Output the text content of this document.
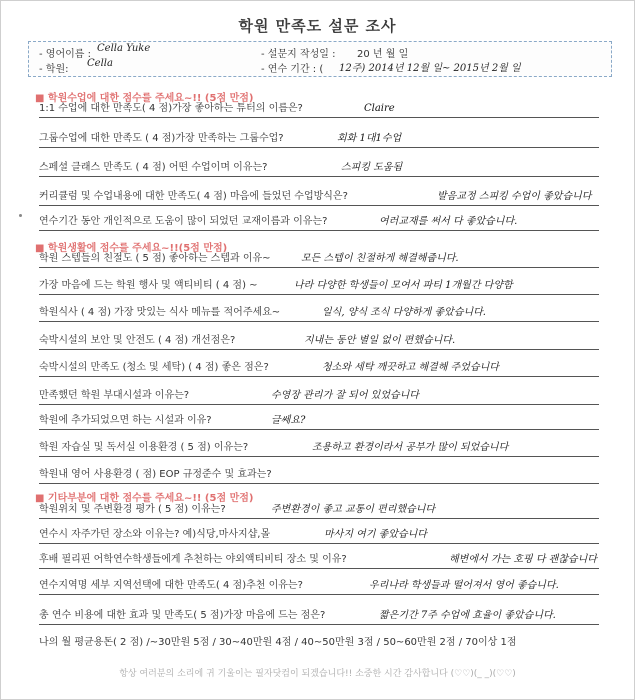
학원 만족도 설문 조사
- 영어이름 :
Cella Yuke
- 설문지 작성일 : 20 년 월 일
- 학원:
Cella
- 연수 기간 : ( 12주) 2014년 12월 일~ 2015년 2월 일
■ 학원수업에 대한 점수를 주세요~!! (5점 만점)
■ 학원생활에 점수를 주세요~!!(5점 만점)
■ 기타부분에 대한 점수를 주세요~!! (5점 만점)
1:1 수업에 대한 만족도( 4 점)가장 좋아하는 튜터의 이름은?	Claire
그룹수업에 대한 만족도 ( 4 점)가장 만족하는 그룹수업?	회화 1대1수업
스페셜 클래스 만족도 ( 4 점) 어떤 수업이며 이유는?	스피킹 도움됨
커리큘럼 및 수업내용에 대한 만족도( 4 점) 마음에 들었던 수업방식은?	발음교정 스피킹 수업이 좋았습니다
연수기간 동안 개인적으로 도움이 많이 되었던 교재이름과 이유는?	여러교재를 써서 다 좋았습니다.
학원 스텝들의 친절도 ( 5 점) 좋아하는 스텝과 이유~	모든 스텝이 친절하게 해결해줍니다.
가장 마음에 드는 학원 행사 및 액티비티 ( 4 점) ~	나라 다양한 학생들이 모여서 파티 1개월간 다양함
학원식사 ( 4 점) 가장 맛있는 식사 메뉴를 적어주세요~	일식, 양식 조식 다양하게 좋았습니다.
숙박시설의 보안 및 안전도 ( 4 점) 개선점은?	지내는 동안 별일 없이 편했습니다.
숙박시설의 만족도 (청소 및 세탁) ( 4 점) 좋은 점은?	청소와 세탁 깨끗하고 해결해 주었습니다
만족했던 학원 부대시설과 이유는?	수영장 관리가 잘 되어 있었습니다
학원에 추가되었으면 하는 시설과 이유?	글쎄요?
학원 자습실 및 독서실 이용환경 ( 5 점) 이유는?	조용하고 환경이라서 공부가 많이 되었습니다
학원내 영어 사용환경 ( 점) EOP 규정준수 및 효과는?
학원위치 및 주변환경 평가 ( 5 점) 이유는?	주변환경이 좋고 교통이 편리했습니다
연수시 자주가던 장소와 이유는? 예)식당,마사지샵,몰	마사지 여기 좋았습니다
후배 필리핀 어학연수학생들에게 추천하는 야외액티비티 장소 및 이유?	해변에서 가는 호핑 다 괜찮습니다
연수지역명 세부 지역선택에 대한 만족도( 4 점)추천 이유는?	우리나라 학생들과 떨어져서 영어 좋습니다.
총 연수 비용에 대한 효과 및 만족도( 5 점)가장 마음에 드는 점은?	짧은기간 7주 수업에 효율이 좋았습니다.
나의 월 평균용돈( 2 점) /~30만원 5점 / 30~40만원 4점 / 40~50만원 3점 / 50~60만원 2점 / 70이상 1점
항상 여러분의 소리에 귀 기울이는 필자닷컴이 되겠습니다!! 소중한 시간 감사합니다 (♡♡)(_ _)(♡♡)
